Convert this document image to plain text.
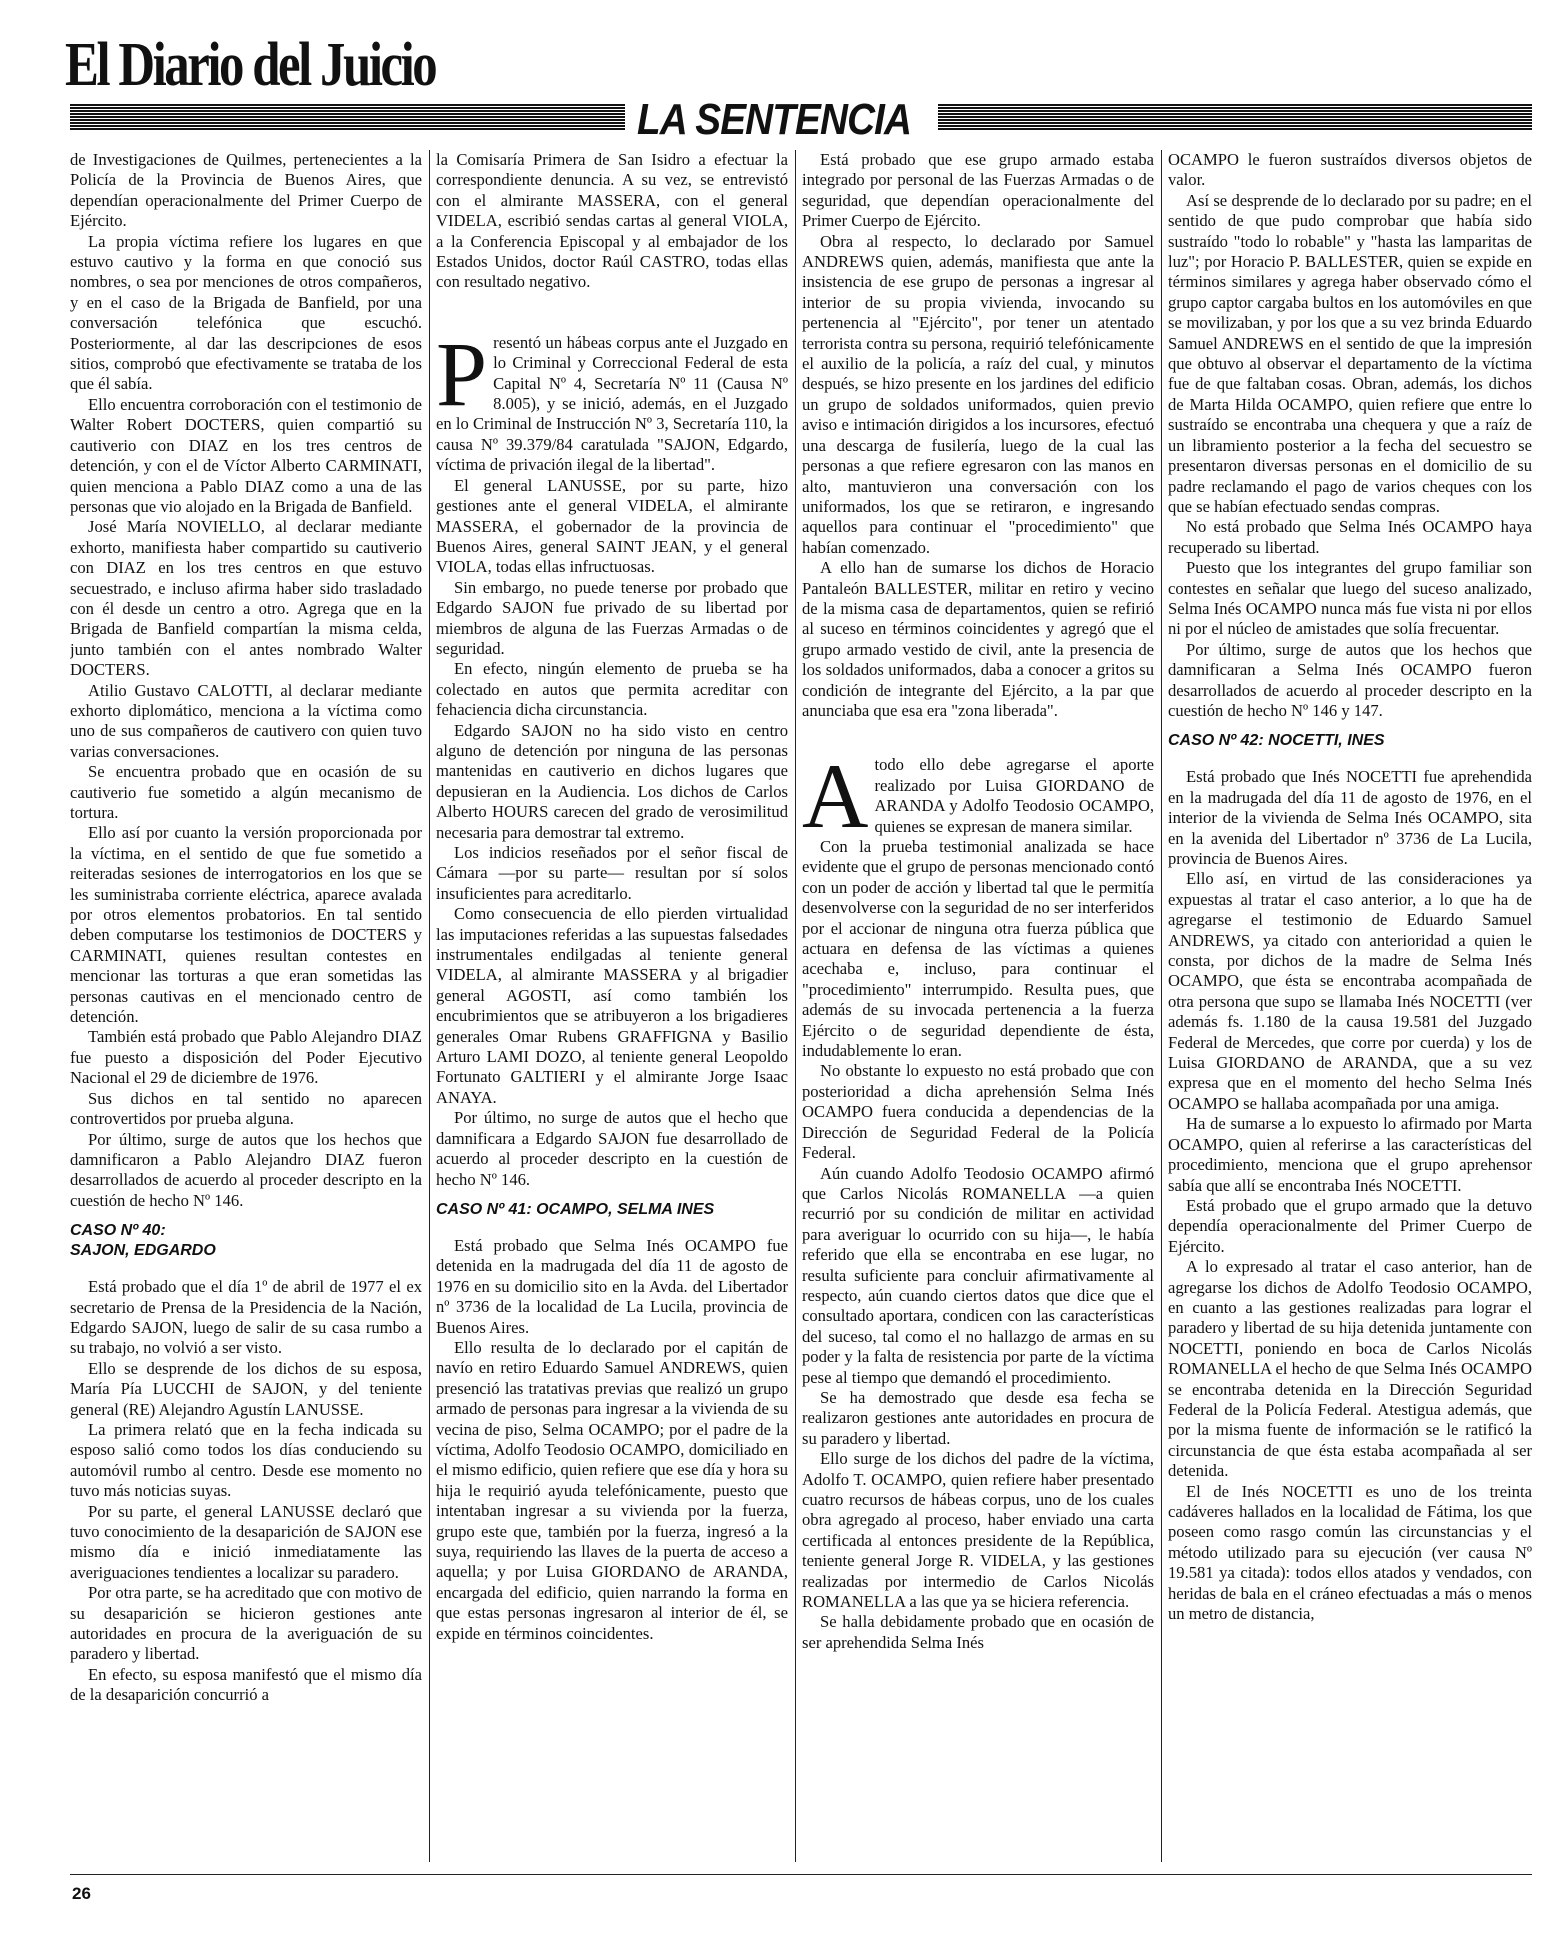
El Diario del Juicio
LA SENTENCIA

de Investigaciones de Quilmes, pertenecientes a la Policía de la Provincia de Buenos Aires, que dependían operacionalmente del Primer Cuerpo de Ejército.

La propia víctima refiere los lugares en que estuvo cautivo y la forma en que conoció sus nombres, o sea por menciones de otros compañeros, y en el caso de la Brigada de Banfield, por una conversación telefónica que escuchó. Posteriormente, al dar las descripciones de esos sitios, comprobó que efectivamente se trataba de los que él sabía.

Ello encuentra corroboración con el testimonio de Walter Robert DOCTERS, quien compartió su cautiverio con DIAZ en los tres centros de detención, y con el de Víctor Alberto CARMINATI, quien menciona a Pablo DIAZ como a una de las personas que vio alojado en la Brigada de Banfield.

José María NOVIELLO, al declarar mediante exhorto, manifiesta haber compartido su cautiverio con DIAZ en los tres centros en que estuvo secuestrado, e incluso afirma haber sido trasladado con él desde un centro a otro. Agrega que en la Brigada de Banfield compartían la misma celda, junto también con el antes nombrado Walter DOCTERS.

Atilio Gustavo CALOTTI, al declarar mediante exhorto diplomático, menciona a la víctima como uno de sus compañeros de cautivero con quien tuvo varias conversaciones.

Se encuentra probado que en ocasión de su cautiverio fue sometido a algún mecanismo de tortura.

Ello así por cuanto la versión proporcionada por la víctima, en el sentido de que fue sometido a reiteradas sesiones de interrogatorios en los que se les suministraba corriente eléctrica, aparece avalada por otros elementos probatorios. En tal sentido deben computarse los testimonios de DOCTERS y CARMINATI, quienes resultan contestes en mencionar las torturas a que eran sometidas las personas cautivas en el mencionado centro de detención.

También está probado que Pablo Alejandro DIAZ fue puesto a disposición del Poder Ejecutivo Nacional el 29 de diciembre de 1976.

Sus dichos en tal sentido no aparecen controvertidos por prueba alguna.

Por último, surge de autos que los hechos que damnificaron a Pablo Alejandro DIAZ fueron desarrollados de acuerdo al proceder descripto en la cuestión de hecho Nº 146.

CASO Nº 40:
SAJON, EDGARDO

Está probado que el día 1º de abril de 1977 el ex secretario de Prensa de la Presidencia de la Nación, Edgardo SAJON, luego de salir de su casa rumbo a su trabajo, no volvió a ser visto.

Ello se desprende de los dichos de su esposa, María Pía LUCCHI de SAJON, y del teniente general (RE) Alejandro Agustín LANUSSE.

La primera relató que en la fecha indicada su esposo salió como todos los días conduciendo su automóvil rumbo al centro. Desde ese momento no tuvo más noticias suyas.

Por su parte, el general LANUSSE declaró que tuvo conocimiento de la desaparición de SAJON ese mismo día e inició inmediatamente las averiguaciones tendientes a localizar su paradero.

Por otra parte, se ha acreditado que con motivo de su desaparición se hicieron gestiones ante autoridades en procura de la averiguación de su paradero y libertad.

En efecto, su esposa manifestó que el mismo día de la desaparición concurrió a

la Comisaría Primera de San Isidro a efectuar la correspondiente denuncia. A su vez, se entrevistó con el almirante MASSERA, con el general VIDELA, escribió sendas cartas al general VIOLA, a la Conferencia Episcopal y al embajador de los Estados Unidos, doctor Raúl CASTRO, todas ellas con resultado negativo.

Presentó un hábeas corpus ante el Juzgado en lo Criminal y Correccional Federal de esta Capital Nº 4, Secretaría Nº 11 (Causa Nº 8.005), y se inició, además, en el Juzgado en lo Criminal de Instrucción Nº 3, Secretaría 110, la causa Nº 39.379/84 caratulada "SAJON, Edgardo, víctima de privación ilegal de la libertad".

El general LANUSSE, por su parte, hizo gestiones ante el general VIDELA, el almirante MASSERA, el gobernador de la provincia de Buenos Aires, general SAINT JEAN, y el general VIOLA, todas ellas infructuosas.

Sin embargo, no puede tenerse por probado que Edgardo SAJON fue privado de su libertad por miembros de alguna de las Fuerzas Armadas o de seguridad.

En efecto, ningún elemento de prueba se ha colectado en autos que permita acreditar con fehaciencia dicha circunstancia.

Edgardo SAJON no ha sido visto en centro alguno de detención por ninguna de las personas mantenidas en cautiverio en dichos lugares que depusieran en la Audiencia. Los dichos de Carlos Alberto HOURS carecen del grado de verosimilitud necesaria para demostrar tal extremo.

Los indicios reseñados por el señor fiscal de Cámara —por su parte— resultan por sí solos insuficientes para acreditarlo.

Como consecuencia de ello pierden virtualidad las imputaciones referidas a las supuestas falsedades instrumentales endilgadas al teniente general VIDELA, al almirante MASSERA y al brigadier general AGOSTI, así como también los encubrimientos que se atribuyeron a los brigadieres generales Omar Rubens GRAFFIGNA y Basilio Arturo LAMI DOZO, al teniente general Leopoldo Fortunato GALTIERI y el almirante Jorge Isaac ANAYA.

Por último, no surge de autos que el hecho que damnificara a Edgardo SAJON fue desarrollado de acuerdo al proceder descripto en la cuestión de hecho Nº 146.

CASO Nº 41: OCAMPO, SELMA INES

Está probado que Selma Inés OCAMPO fue detenida en la madrugada del día 11 de agosto de 1976 en su domicilio sito en la Avda. del Libertador nº 3736 de la localidad de La Lucila, provincia de Buenos Aires.

Ello resulta de lo declarado por el capitán de navío en retiro Eduardo Samuel ANDREWS, quien presenció las tratativas previas que realizó un grupo armado de personas para ingresar a la vivienda de su vecina de piso, Selma OCAMPO; por el padre de la víctima, Adolfo Teodosio OCAMPO, domiciliado en el mismo edificio, quien refiere que ese día y hora su hija le requirió ayuda telefónicamente, puesto que intentaban ingresar a su vivienda por la fuerza, grupo este que, también por la fuerza, ingresó a la suya, requiriendo las llaves de la puerta de acceso a aquella; y por Luisa GIORDANO de ARANDA, encargada del edificio, quien narrando la forma en que estas personas ingresaron al interior de él, se expide en términos coincidentes.

Está probado que ese grupo armado estaba integrado por personal de las Fuerzas Armadas o de seguridad, que dependían operacionalmente del Primer Cuerpo de Ejército.

Obra al respecto, lo declarado por Samuel ANDREWS quien, además, manifiesta que ante la insistencia de ese grupo de personas a ingresar al interior de su propia vivienda, invocando su pertenencia al "Ejército", por tener un atentado terrorista contra su persona, requirió telefónicamente el auxilio de la policía, a raíz del cual, y minutos después, se hizo presente en los jardines del edificio un grupo de soldados uniformados, quien previo aviso e intimación dirigidos a los incursores, efectuó una descarga de fusilería, luego de la cual las personas a que refiere egresaron con las manos en alto, mantuvieron una conversación con los uniformados, los que se retiraron, e ingresando aquellos para continuar el "procedimiento" que habían comenzado.

A ello han de sumarse los dichos de Horacio Pantaleón BALLESTER, militar en retiro y vecino de la misma casa de departamentos, quien se refirió al suceso en términos coincidentes y agregó que el grupo armado vestido de civil, ante la presencia de los soldados uniformados, daba a conocer a gritos su condición de integrante del Ejército, a la par que anunciaba que esa era "zona liberada".

Atodo ello debe agregarse el aporte realizado por Luisa GIORDANO de ARANDA y Adolfo Teodosio OCAMPO, quienes se expresan de manera similar.

Con la prueba testimonial analizada se hace evidente que el grupo de personas mencionado contó con un poder de acción y libertad tal que le permitía desenvolverse con la seguridad de no ser interferidos por el accionar de ninguna otra fuerza pública que actuara en defensa de las víctimas a quienes acechaba e, incluso, para continuar el "procedimiento" interrumpido. Resulta pues, que además de su invocada pertenencia a la fuerza Ejército o de seguridad dependiente de ésta, indudablemente lo eran.

No obstante lo expuesto no está probado que con posterioridad a dicha aprehensión Selma Inés OCAMPO fuera conducida a dependencias de la Dirección de Seguridad Federal de la Policía Federal.

Aún cuando Adolfo Teodosio OCAMPO afirmó que Carlos Nicolás ROMANELLA —a quien recurrió por su condición de militar en actividad para averiguar lo ocurrido con su hija—, le había referido que ella se encontraba en ese lugar, no resulta suficiente para concluir afirmativamente al respecto, aún cuando ciertos datos que dice que el consultado aportara, condicen con las características del suceso, tal como el no hallazgo de armas en su poder y la falta de resistencia por parte de la víctima pese al tiempo que demandó el procedimiento.

Se ha demostrado que desde esa fecha se realizaron gestiones ante autoridades en procura de su paradero y libertad.

Ello surge de los dichos del padre de la víctima, Adolfo T. OCAMPO, quien refiere haber presentado cuatro recursos de hábeas corpus, uno de los cuales obra agregado al proceso, haber enviado una carta certificada al entonces presidente de la República, teniente general Jorge R. VIDELA, y las gestiones realizadas por intermedio de Carlos Nicolás ROMANELLA a las que ya se hiciera referencia.

Se halla debidamente probado que en ocasión de ser aprehendida Selma Inés

OCAMPO le fueron sustraídos diversos objetos de valor.

Así se desprende de lo declarado por su padre; en el sentido de que pudo comprobar que había sido sustraído "todo lo robable" y "hasta las lamparitas de luz"; por Horacio P. BALLESTER, quien se expide en términos similares y agrega haber observado cómo el grupo captor cargaba bultos en los automóviles en que se movilizaban, y por los que a su vez brinda Eduardo Samuel ANDREWS en el sentido de que la impresión que obtuvo al observar el departamento de la víctima fue de que faltaban cosas. Obran, además, los dichos de Marta Hilda OCAMPO, quien refiere que entre lo sustraído se encontraba una chequera y que a raíz de un libramiento posterior a la fecha del secuestro se presentaron diversas personas en el domicilio de su padre reclamando el pago de varios cheques con los que se habían efectuado sendas compras.

No está probado que Selma Inés OCAMPO haya recuperado su libertad.

Puesto que los integrantes del grupo familiar son contestes en señalar que luego del suceso analizado, Selma Inés OCAMPO nunca más fue vista ni por ellos ni por el núcleo de amistades que solía frecuentar.

Por último, surge de autos que los hechos que damnificaran a Selma Inés OCAMPO fueron desarrollados de acuerdo al proceder descripto en la cuestión de hecho Nº 146 y 147.

CASO Nº 42: NOCETTI, INES

Está probado que Inés NOCETTI fue aprehendida en la madrugada del día 11 de agosto de 1976, en el interior de la vivienda de Selma Inés OCAMPO, sita en la avenida del Libertador nº 3736 de La Lucila, provincia de Buenos Aires.

Ello así, en virtud de las consideraciones ya expuestas al tratar el caso anterior, a lo que ha de agregarse el testimonio de Eduardo Samuel ANDREWS, ya citado con anterioridad a quien le consta, por dichos de la madre de Selma Inés OCAMPO, que ésta se encontraba acompañada de otra persona que supo se llamaba Inés NOCETTI (ver además fs. 1.180 de la causa 19.581 del Juzgado Federal de Mercedes, que corre por cuerda) y los de Luisa GIORDANO de ARANDA, que a su vez expresa que en el momento del hecho Selma Inés OCAMPO se hallaba acompañada por una amiga.

Ha de sumarse a lo expuesto lo afirmado por Marta OCAMPO, quien al referirse a las características del procedimiento, menciona que el grupo aprehensor sabía que allí se encontraba Inés NOCETTI.

Está probado que el grupo armado que la detuvo dependía operacionalmente del Primer Cuerpo de Ejército.

A lo expresado al tratar el caso anterior, han de agregarse los dichos de Adolfo Teodosio OCAMPO, en cuanto a las gestiones realizadas para lograr el paradero y libertad de su hija detenida juntamente con NOCETTI, poniendo en boca de Carlos Nicolás ROMANELLA el hecho de que Selma Inés OCAMPO se encontraba detenida en la Dirección Seguridad Federal de la Policía Federal. Atestigua además, que por la misma fuente de información se le ratificó la circunstancia de que ésta estaba acompañada al ser detenida.

El de Inés NOCETTI es uno de los treinta cadáveres hallados en la localidad de Fátima, los que poseen como rasgo común las circunstancias y el método utilizado para su ejecución (ver causa Nº 19.581 ya citada): todos ellos atados y vendados, con heridas de bala en el cráneo efectuadas a más o menos un metro de distancia,

26
